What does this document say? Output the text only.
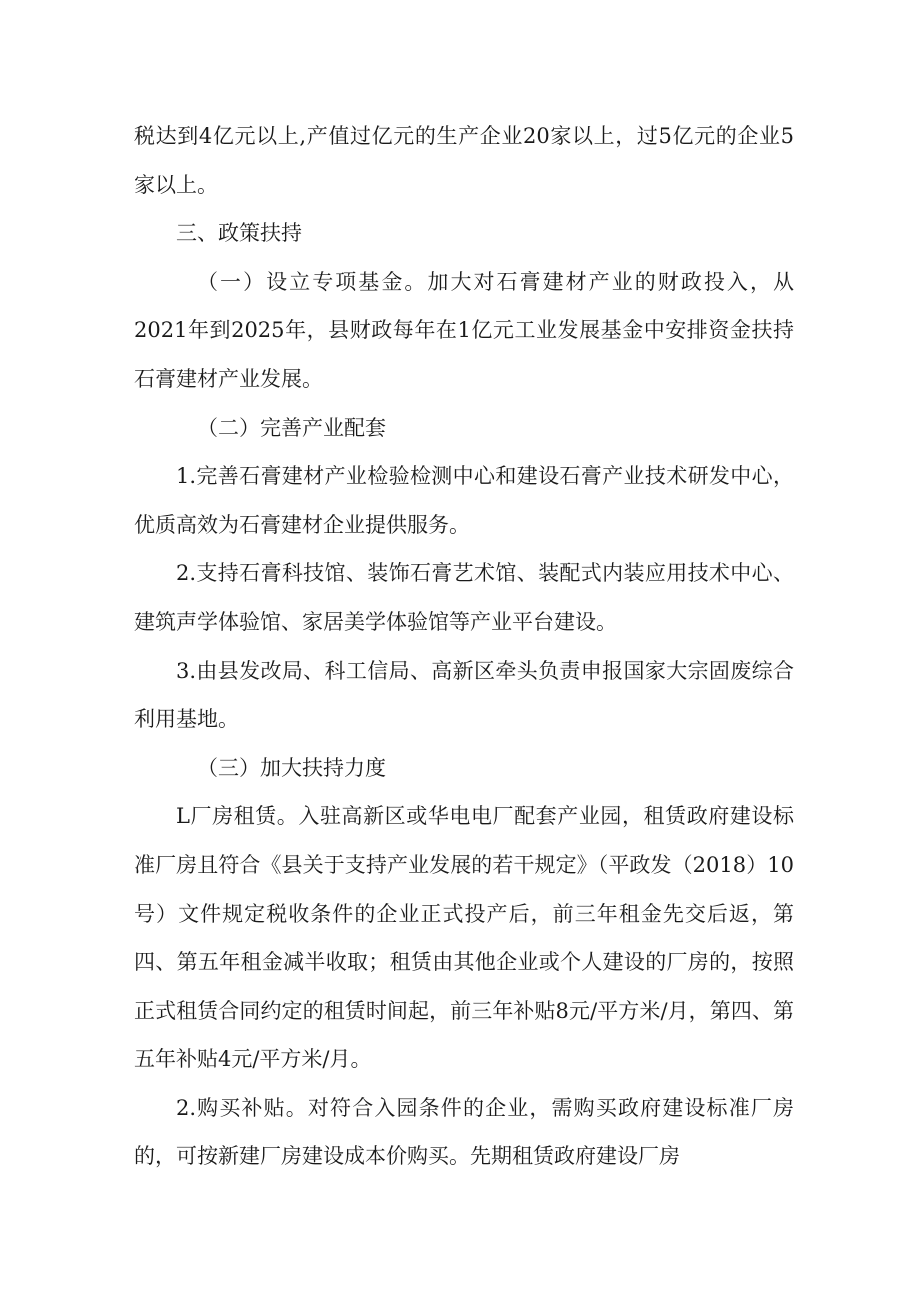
税达到4亿元以上,产值过亿元的生产企业20家以上，过5亿元的企业5家以上。

三、政策扶持

（一）设立专项基金。加大对石膏建材产业的财政投入，从2021年到2025年，县财政每年在1亿元工业发展基金中安排资金扶持石膏建材产业发展。

（二）完善产业配套

1.完善石膏建材产业检验检测中心和建设石膏产业技术研发中心，优质高效为石膏建材企业提供服务。

2.支持石膏科技馆、装饰石膏艺术馆、装配式内装应用技术中心、建筑声学体验馆、家居美学体验馆等产业平台建设。

3.由县发改局、科工信局、高新区牵头负责申报国家大宗固废综合利用基地。

（三）加大扶持力度

L厂房租赁。入驻高新区或华电电厂配套产业园，租赁政府建设标准厂房且符合《县关于支持产业发展的若干规定》（平政发（2018）10号）文件规定税收条件的企业正式投产后，前三年租金先交后返，第四、第五年租金减半收取；租赁由其他企业或个人建设的厂房的，按照正式租赁合同约定的租赁时间起，前三年补贴8元/平方米/月，第四、第五年补贴4元/平方米/月。

2.购买补贴。对符合入园条件的企业，需购买政府建设标准厂房的，可按新建厂房建设成本价购买。先期租赁政府建设厂房
